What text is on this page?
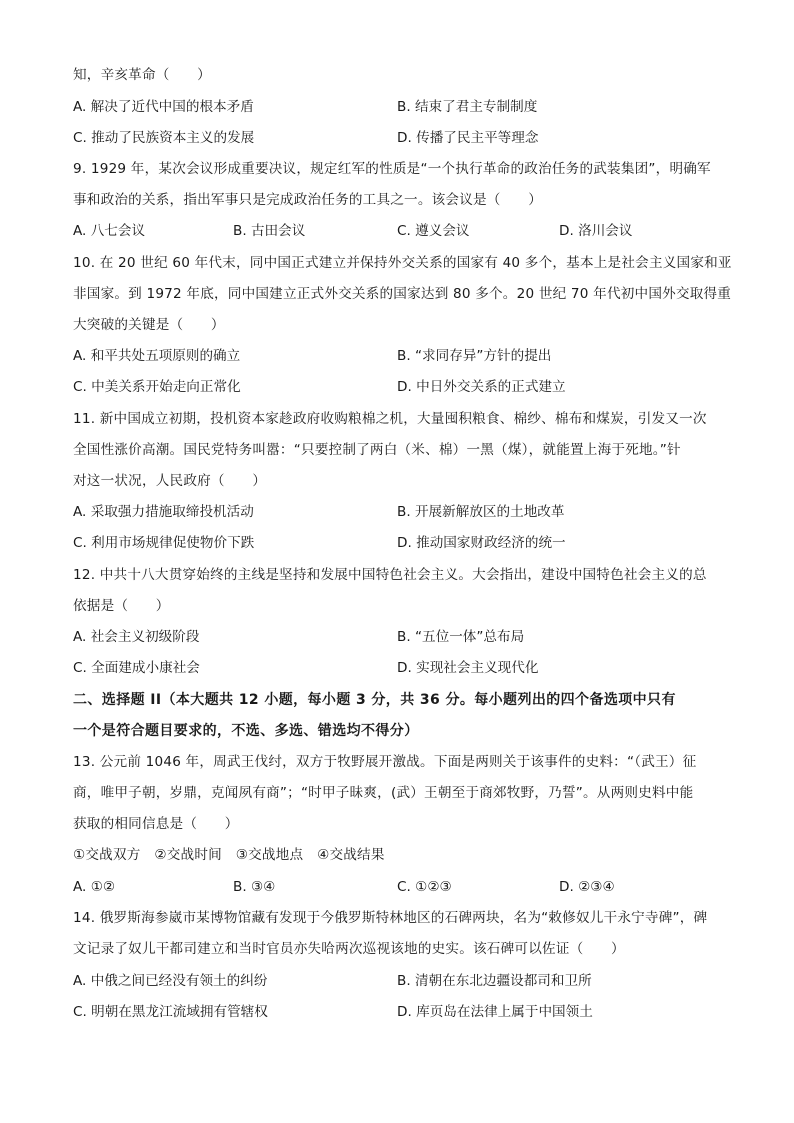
知，辛亥革命（　　）
A. 解决了近代中国的根本矛盾	B. 结束了君主专制制度
C. 推动了民族资本主义的发展	D. 传播了民主平等理念
9. 1929 年，某次会议形成重要决议，规定红军的性质是“一个执行革命的政治任务的武装集团”，明确军
事和政治的关系，指出军事只是完成政治任务的工具之一。该会议是（　　）
A. 八七会议	B. 古田会议	C. 遵义会议	D. 洛川会议
10. 在 20 世纪 60 年代末，同中国正式建立并保持外交关系的国家有 40 多个，基本上是社会主义国家和亚
非国家。到 1972 年底，同中国建立正式外交关系的国家达到 80 多个。20 世纪 70 年代初中国外交取得重
大突破的关键是（　　）
A. 和平共处五项原则的确立	B. “求同存异”方针的提出
C. 中美关系开始走向正常化	D. 中日外交关系的正式建立
11. 新中国成立初期，投机资本家趁政府收购粮棉之机，大量囤积粮食、棉纱、棉布和煤炭，引发又一次
全国性涨价高潮。国民党特务叫嚣：“只要控制了两白（米、棉）一黑（煤），就能置上海于死地。”针
对这一状况，人民政府（　　）
A. 采取强力措施取缔投机活动	B. 开展新解放区的土地改革
C. 利用市场规律促使物价下跌	D. 推动国家财政经济的统一
12. 中共十八大贯穿始终的主线是坚持和发展中国特色社会主义。大会指出，建设中国特色社会主义的总
依据是（　　）
A. 社会主义初级阶段	B. “五位一体”总布局
C. 全面建成小康社会	D. 实现社会主义现代化
二、选择题 II（本大题共 12 小题，每小题 3 分，共 36 分。每小题列出的四个备选项中只有
一个是符合题目要求的，不选、多选、错选均不得分）
13. 公元前 1046 年，周武王伐纣，双方于牧野展开激战。下面是两则关于该事件的史料：“（武王）征
商，唯甲子朝，岁鼎，克闻夙有商”；“时甲子昧爽，(武）王朝至于商郊牧野，乃誓”。从两则史料中能
获取的相同信息是（　　）
①交战双方　②交战时间　③交战地点　④交战结果
A. ①②	B. ③④	C. ①②③	D. ②③④
14. 俄罗斯海参崴市某博物馆藏有发现于今俄罗斯特林地区的石碑两块，名为“敕修奴儿干永宁寺碑”，碑
文记录了奴儿干都司建立和当时官员亦失哈两次巡视该地的史实。该石碑可以佐证（　　）
A. 中俄之间已经没有领土的纠纷	B. 清朝在东北边疆设都司和卫所
C. 明朝在黑龙江流域拥有管辖权	D. 库页岛在法律上属于中国领土
